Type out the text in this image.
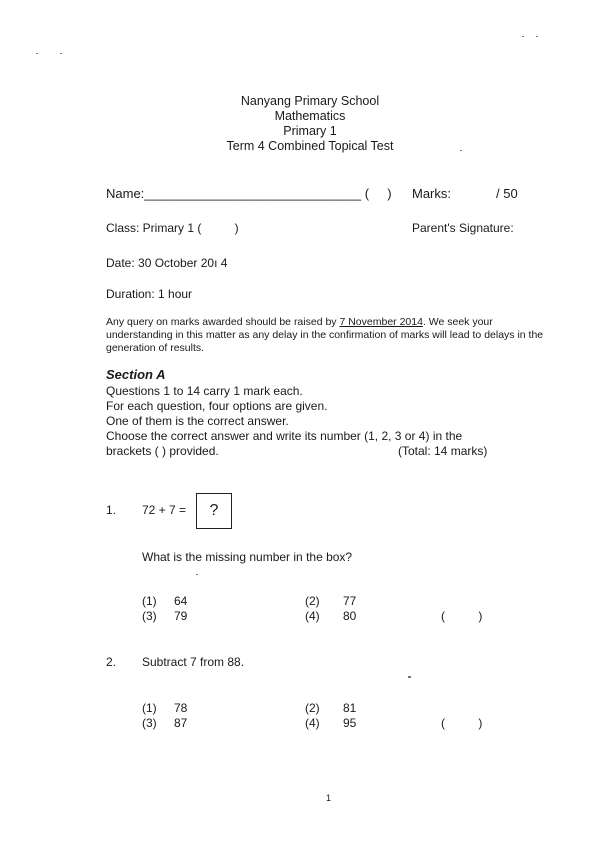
Nanyang Primary School
Mathematics
Primary 1
Term 4 Combined Topical Test
Name:______________________________ (     ) Marks:	/ 50
Class: Primary 1 (          )	Parent's Signature:
Date: 30 October 20ı 4
Duration: 1 hour
Any query on marks awarded should be raised by 7 November 2014. We seek your understanding in this matter as any delay in the confirmation of marks will lead to delays in the generation of results.
Section A
Questions 1 to 14 carry 1 mark each.
For each question, four options are given.
One of them is the correct answer.
Choose the correct answer and write its number (1, 2, 3 or 4) in the
brackets ( ) provided.	(Total: 14 marks)
1. 72 + 7 =	?
What is the missing number in the box?
(1) 64	(2) 77
(3) 79	(4) 80	(          )
2. Subtract 7 from 88.
(1) 78	(2) 81
(3) 87	(4) 95	(          )
1
